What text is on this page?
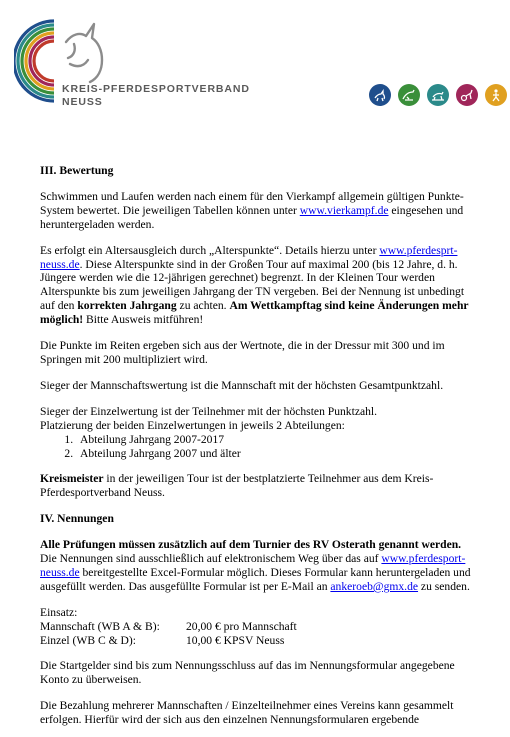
KREIS-PFERDESPORTVERBAND
NEUSS

III. Bewertung

Schwimmen und Laufen werden nach einem für den Vierkampf allgemein gültigen Punkte-System bewertet. Die jeweiligen Tabellen können unter www.vierkampf.de eingesehen und heruntergeladen werden.

Es erfolgt ein Altersausgleich durch „Alterspunkte“. Details hierzu unter www.pferdesprt-neuss.de. Diese Alterspunkte sind in der Großen Tour auf maximal 200 (bis 12 Jahre, d. h. Jüngere werden wie die 12-jährigen gerechnet) begrenzt. In der Kleinen Tour werden Alterspunkte bis zum jeweiligen Jahrgang der TN vergeben. Bei der Nennung ist unbedingt auf den korrekten Jahrgang zu achten. Am Wettkampftag sind keine Änderungen mehr möglich! Bitte Ausweis mitführen!

Die Punkte im Reiten ergeben sich aus der Wertnote, die in der Dressur mit 300 und im Springen mit 200 multipliziert wird.

Sieger der Mannschaftswertung ist die Mannschaft mit der höchsten Gesamtpunktzahl.

Sieger der Einzelwertung ist der Teilnehmer mit der höchsten Punktzahl.

Platzierung der beiden Einzelwertungen in jeweils 2 Abteilungen:

1. Abteilung Jahrgang 2007-2017
2. Abteilung Jahrgang 2007 und älter

Kreismeister in der jeweiligen Tour ist der bestplatzierte Teilnehmer aus dem Kreis-Pferdesportverband Neuss.

IV. Nennungen

Alle Prüfungen müssen zusätzlich auf dem Turnier des RV Osterath genannt werden.

Die Nennungen sind ausschließlich auf elektronischem Weg über das auf www.pferdesport-neuss.de bereitgestellte Excel-Formular möglich. Dieses Formular kann heruntergeladen und ausgefüllt werden. Das ausgefüllte Formular ist per E-Mail an ankeroeb@gmx.de zu senden.

Einsatz:

Mannschaft (WB A & B):	20,00 € pro Mannschaft
Einzel (WB C & D):	10,00 € KPSV Neuss

Die Startgelder sind bis zum Nennungsschluss auf das im Nennungsformular angegebene Konto zu überweisen.

Die Bezahlung mehrerer Mannschaften / Einzelteilnehmer eines Vereins kann gesammelt erfolgen. Hierfür wird der sich aus den einzelnen Nennungsformularen ergebende
